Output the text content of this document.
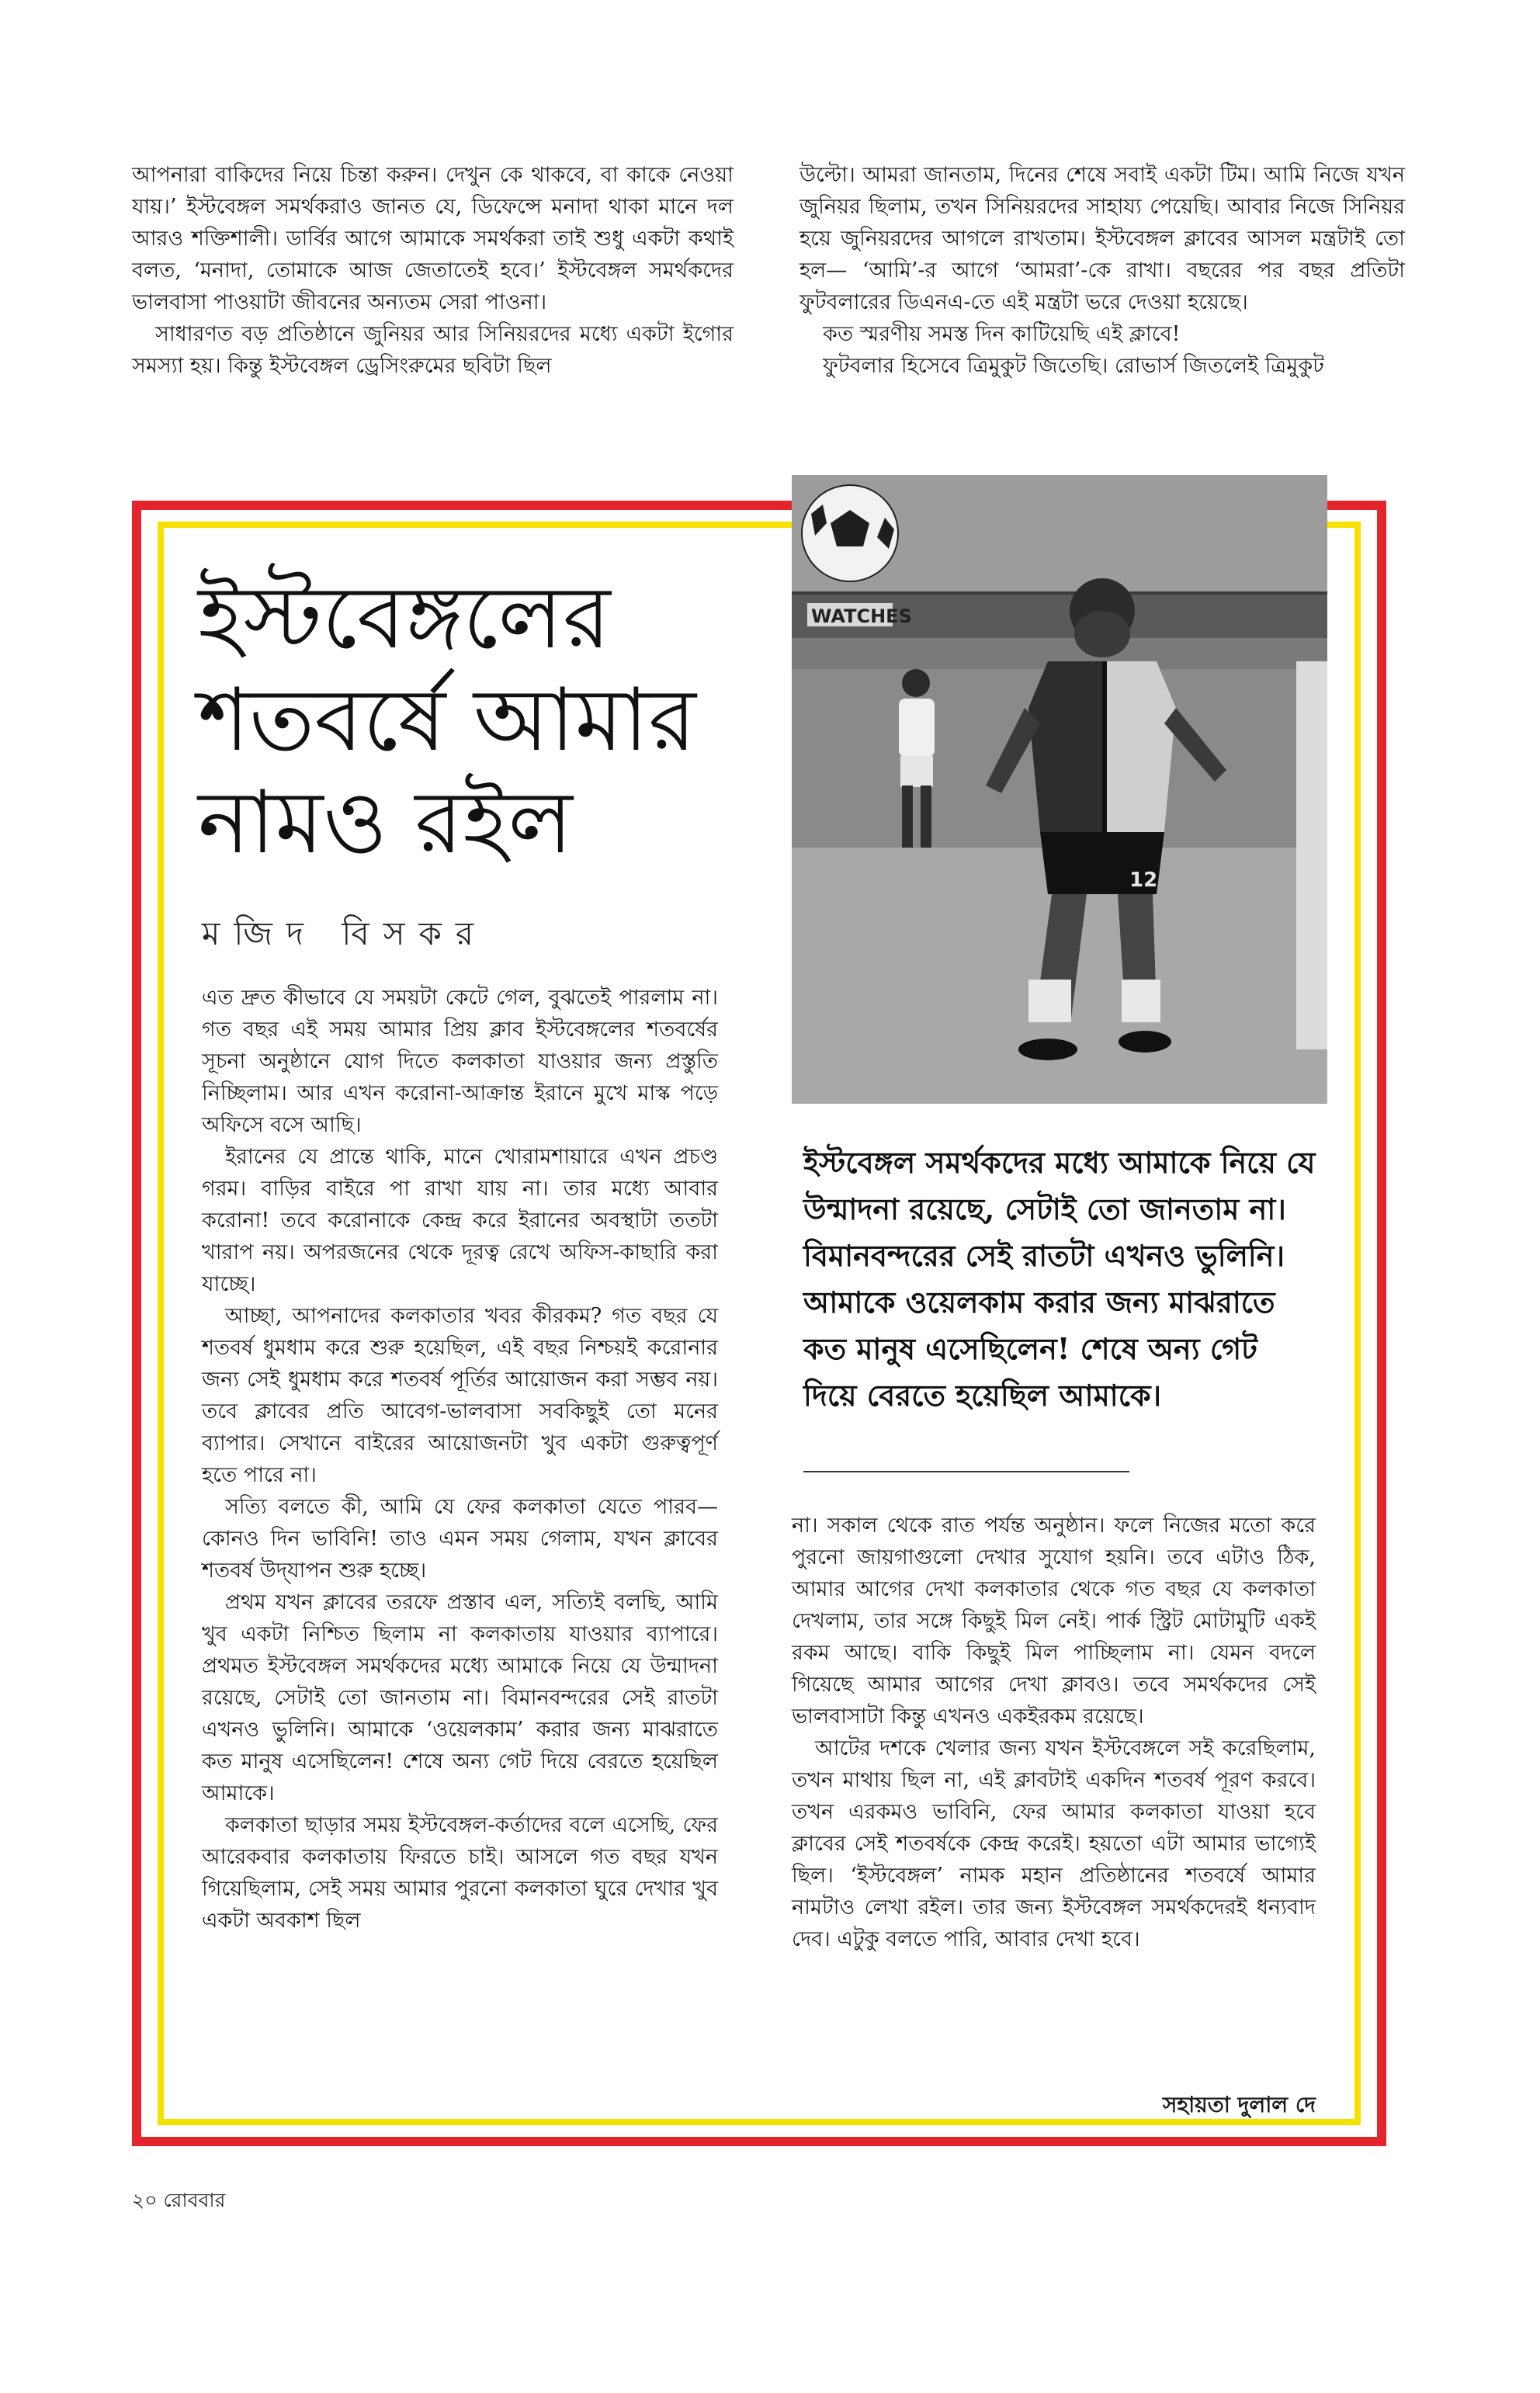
আপনারা বাকিদের নিয়ে চিন্তা করুন। দেখুন কে থাকবে, বা কাকে নেওয়া যায়।’ ইস্টবেঙ্গল সমর্থকরাও জানত যে, ডিফেন্সে মনাদা থাকা মানে দল আরও শক্তিশালী। ডার্বির আগে আমাকে সমর্থকরা তাই শুধু একটা কথাই বলত, ‘মনাদা, তোমাকে আজ জেতাতেই হবে।’ ইস্টবেঙ্গল সমর্থকদের ভালবাসা পাওয়াটা জীবনের অন্যতম সেরা পাওনা।

সাধারণত বড় প্রতিষ্ঠানে জুনিয়র আর সিনিয়রদের মধ্যে একটা ইগোর সমস্যা হয়। কিন্তু ইস্টবেঙ্গল ড্রেসিংরুমের ছবিটা ছিল

উল্টো। আমরা জানতাম, দিনের শেষে সবাই একটা টিম। আমি নিজে যখন জুনিয়র ছিলাম, তখন সিনিয়রদের সাহায্য পেয়েছি। আবার নিজে সিনিয়র হয়ে জুনিয়রদের আগলে রাখতাম। ইস্টবেঙ্গল ক্লাবের আসল মন্ত্রটাই তো হল— ‘আমি’-র আগে ‘আমরা’-কে রাখা। বছরের পর বছর প্রতিটা ফুটবলারের ডিএনএ-তে এই মন্ত্রটা ভরে দেওয়া হয়েছে।

কত স্মরণীয় সমস্ত দিন কাটিয়েছি এই ক্লাবে!

ফুটবলার হিসেবে ত্রিমুকুট জিতেছি। রোভার্স জিতলেই ত্রিমুকুট

ইস্টবেঙ্গলের
শতবর্ষে আমার
নামও রইল
মজিদ বিসকর
WATCHES
12
ইস্টবেঙ্গল সমর্থকদের মধ্যে আমাকে নিয়ে যে উন্মাদনা রয়েছে, সেটাই তো জানতাম না। বিমানবন্দরের সেই রাতটা এখনও ভুলিনি। আমাকে ওয়েলকাম করার জন্য মাঝরাতে কত মানুষ এসেছিলেন! শেষে অন্য গেট দিয়ে বেরতে হয়েছিল আমাকে।

এত দ্রুত কীভাবে যে সময়টা কেটে গেল, বুঝতেই পারলাম না। গত বছর এই সময় আমার প্রিয় ক্লাব ইস্টবেঙ্গলের শতবর্ষের সূচনা অনুষ্ঠানে যোগ দিতে কলকাতা যাওয়ার জন্য প্রস্তুতি নিচ্ছিলাম। আর এখন করোনা-আক্রান্ত ইরানে মুখে মাস্ক পড়ে অফিসে বসে আছি।

ইরানের যে প্রান্তে থাকি, মানে খোরামশায়ারে এখন প্রচণ্ড গরম। বাড়ির বাইরে পা রাখা যায় না। তার মধ্যে আবার করোনা! তবে করোনাকে কেন্দ্র করে ইরানের অবস্থাটা ততটা খারাপ নয়। অপরজনের থেকে দূরত্ব রেখে অফিস-কাছারি করা যাচ্ছে।

আচ্ছা, আপনাদের কলকাতার খবর কীরকম? গত বছর যে শতবর্ষ ধুমধাম করে শুরু হয়েছিল, এই বছর নিশ্চয়ই করোনার জন্য সেই ধুমধাম করে শতবর্ষ পূর্তির আয়োজন করা সম্ভব নয়। তবে ক্লাবের প্রতি আবেগ-ভালবাসা সবকিছুই তো মনের ব্যাপার। সেখানে বাইরের আয়োজনটা খুব একটা গুরুত্বপূর্ণ হতে পারে না।

সত্যি বলতে কী, আমি যে ফের কলকাতা যেতে পারব— কোনও দিন ভাবিনি! তাও এমন সময় গেলাম, যখন ক্লাবের শতবর্ষ উদ্‌যাপন শুরু হচ্ছে।

প্রথম যখন ক্লাবের তরফে প্রস্তাব এল, সত্যিই বলছি, আমি খুব একটা নিশ্চিত ছিলাম না কলকাতায় যাওয়ার ব্যাপারে। প্রথমত ইস্টবেঙ্গল সমর্থকদের মধ্যে আমাকে নিয়ে যে উন্মাদনা রয়েছে, সেটাই তো জানতাম না। বিমানবন্দরের সেই রাতটা এখনও ভুলিনি। আমাকে ‘ওয়েলকাম’ করার জন্য মাঝরাতে কত মানুষ এসেছিলেন! শেষে অন্য গেট দিয়ে বেরতে হয়েছিল আমাকে।

কলকাতা ছাড়ার সময় ইস্টবেঙ্গল-কর্তাদের বলে এসেছি, ফের আরেকবার কলকাতায় ফিরতে চাই। আসলে গত বছর যখন গিয়েছিলাম, সেই সময় আমার পুরনো কলকাতা ঘুরে দেখার খুব একটা অবকাশ ছিল

না। সকাল থেকে রাত পর্যন্ত অনুষ্ঠান। ফলে নিজের মতো করে পুরনো জায়গাগুলো দেখার সুযোগ হয়নি। তবে এটাও ঠিক, আমার আগের দেখা কলকাতার থেকে গত বছর যে কলকাতা দেখলাম, তার সঙ্গে কিছুই মিল নেই। পার্ক স্ট্রিট মোটামুটি একই রকম আছে। বাকি কিছুই মিল পাচ্ছিলাম না। যেমন বদলে গিয়েছে আমার আগের দেখা ক্লাবও। তবে সমর্থকদের সেই ভালবাসাটা কিন্তু এখনও একইরকম রয়েছে।

আটের দশকে খেলার জন্য যখন ইস্টবেঙ্গলে সই করেছিলাম, তখন মাথায় ছিল না, এই ক্লাবটাই একদিন শতবর্ষ পূরণ করবে। তখন এরকমও ভাবিনি, ফের আমার কলকাতা যাওয়া হবে ক্লাবের সেই শতবর্ষকে কেন্দ্র করেই। হয়তো এটা আমার ভাগ্যেই ছিল। ‘ইস্টবেঙ্গল’ নামক মহান প্রতিষ্ঠানের শতবর্ষে আমার নামটাও লেখা রইল। তার জন্য ইস্টবেঙ্গল সমর্থকদেরই ধন্যবাদ দেব। এটুকু বলতে পারি, আবার দেখা হবে।

সহায়তা দুলাল দে
২০ রোববার
